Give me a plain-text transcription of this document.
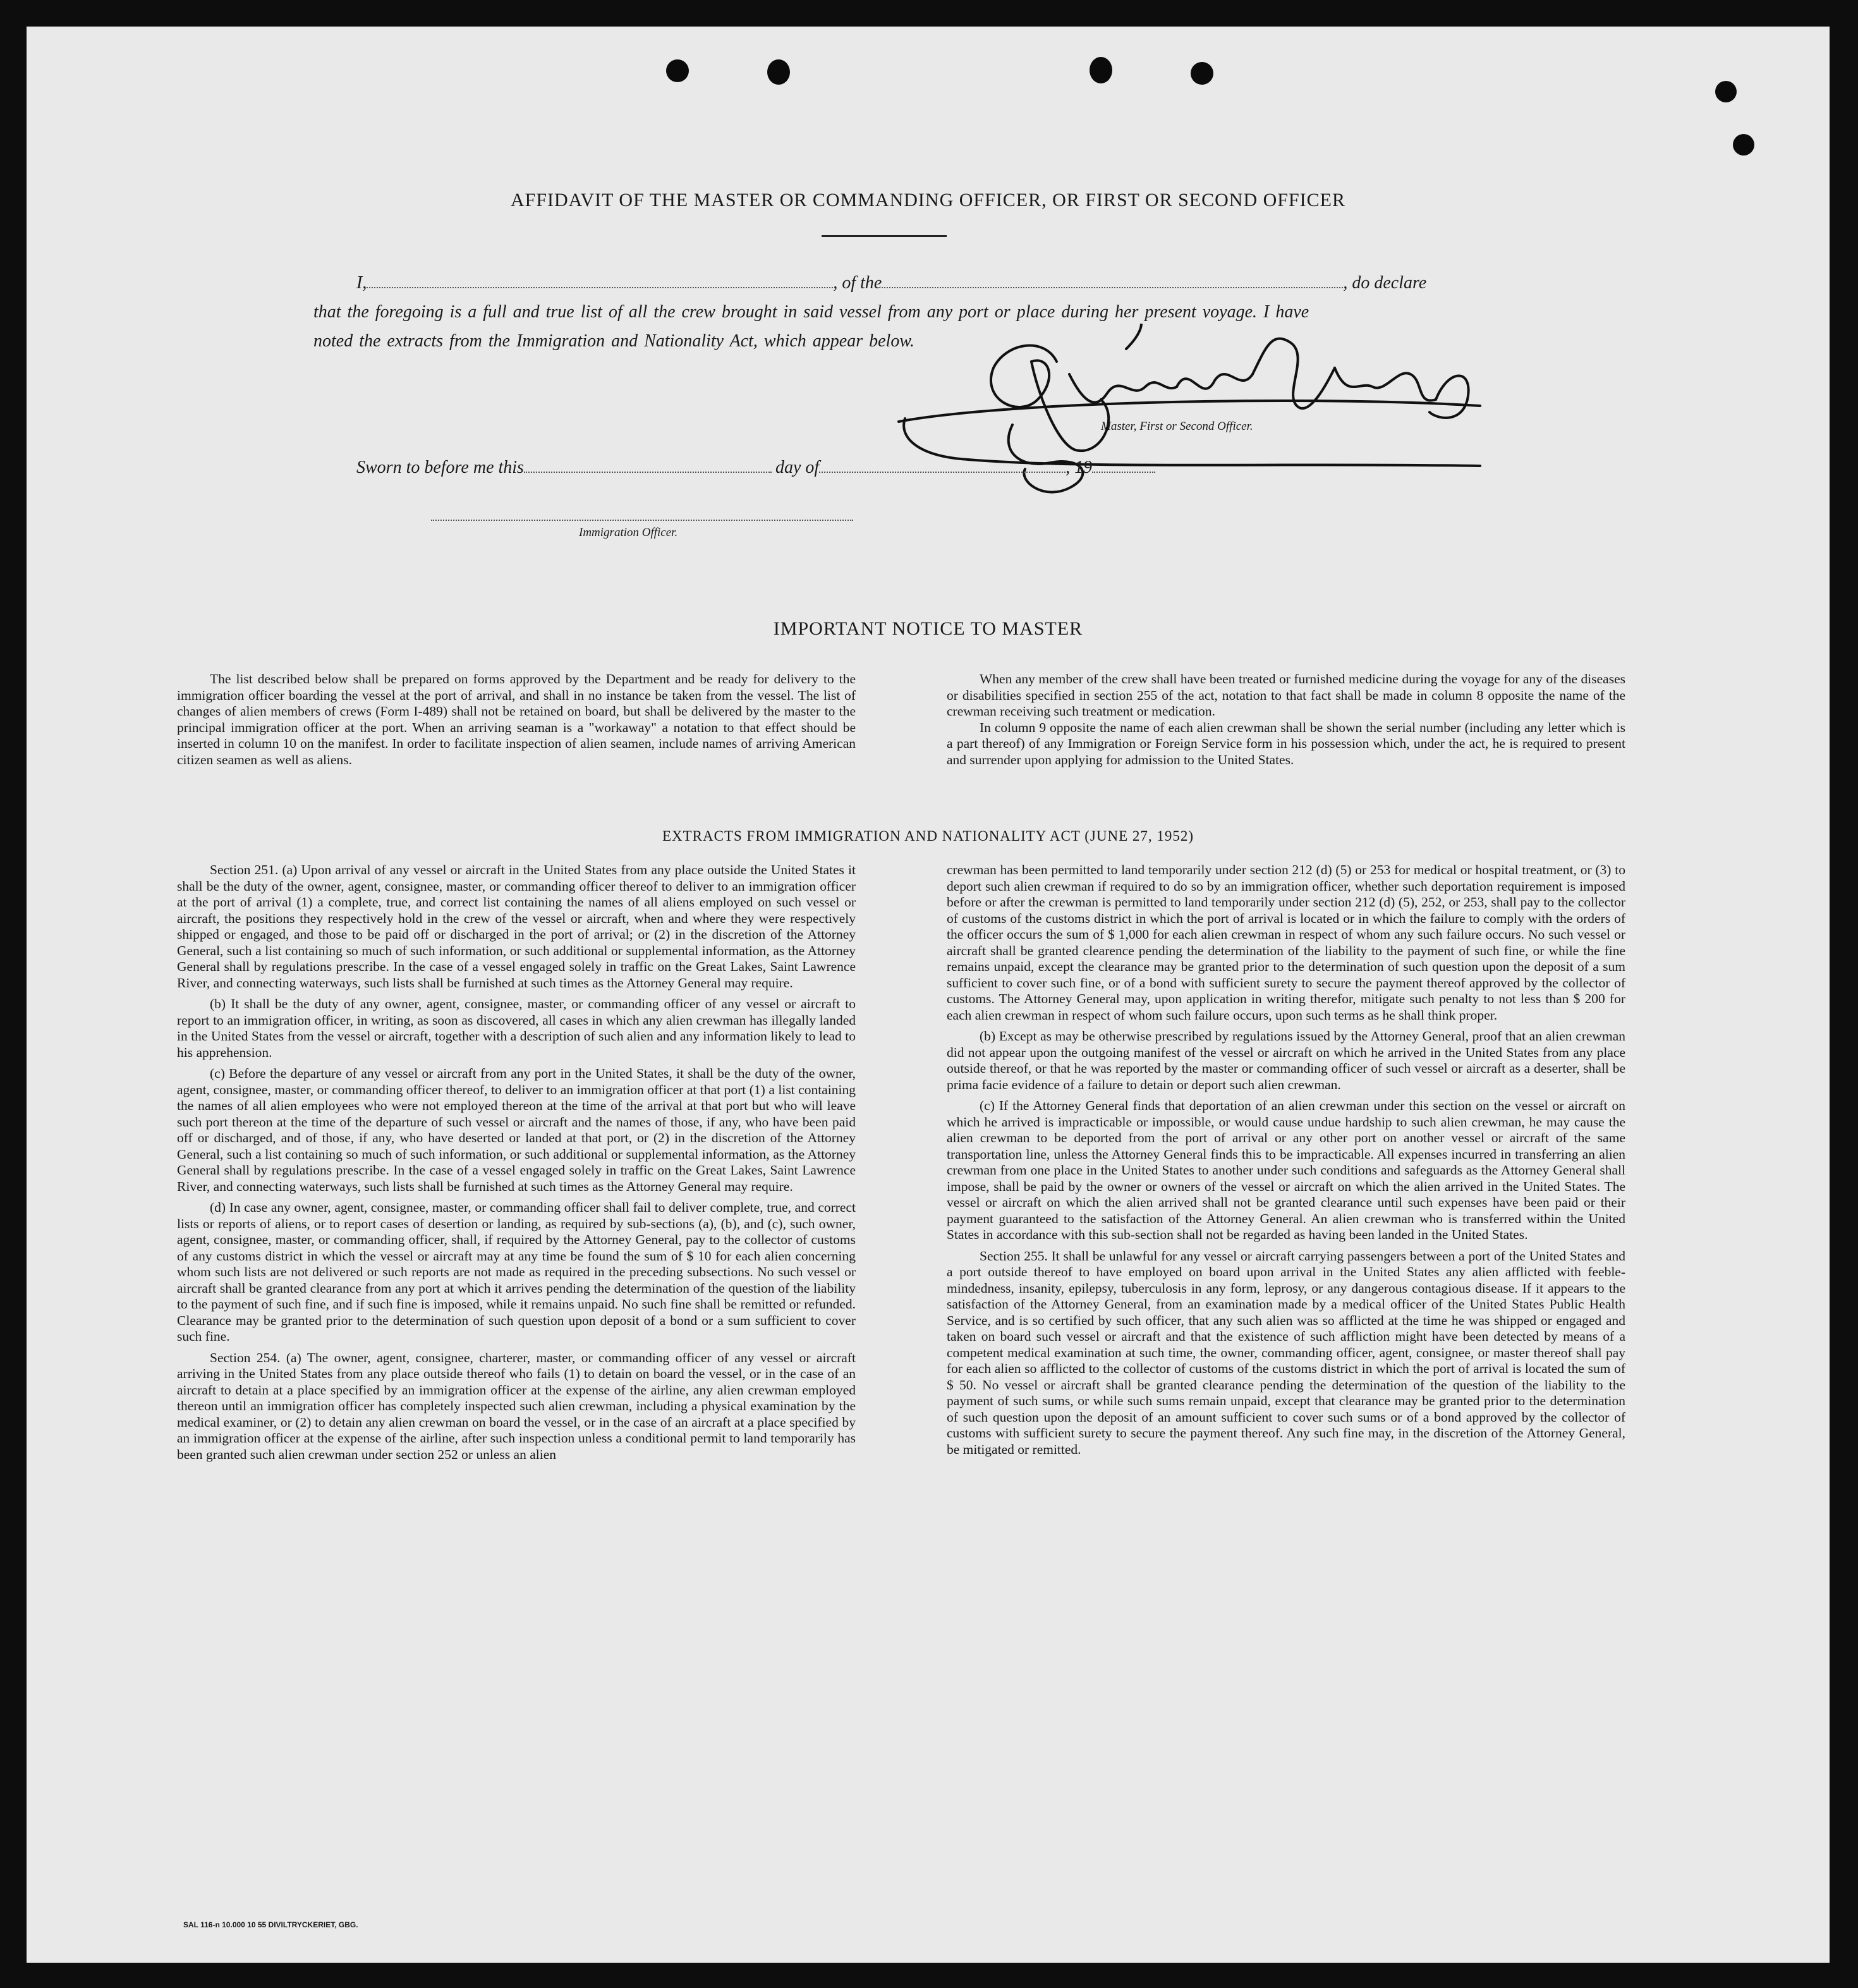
AFFIDAVIT OF THE MASTER OR COMMANDING OFFICER, OR FIRST OR SECOND OFFICER
I,	, of the	, do declare
that the foregoing is a full and true list of all the crew brought in said vessel from any port or place during her present voyage. I have
noted the extracts from the Immigration and Nationality Act, which appear below.
Master, First or Second Officer.
Sworn to before me this	day of	, 19
Immigration Officer.
IMPORTANT NOTICE TO MASTER

The list described below shall be prepared on forms approved by the Department and be ready for delivery to the immigration officer boarding the vessel at the port of arrival, and shall in no instance be taken from the vessel. The list of changes of alien members of crews (Form I-489) shall not be retained on board, but shall be delivered by the master to the principal immigration officer at the port. When an arriving seaman is a "workaway" a notation to that effect should be inserted in column 10 on the manifest. In order to facilitate inspection of alien seamen, include names of arriving American citizen seamen as well as aliens.

When any member of the crew shall have been treated or furnished medicine during the voyage for any of the diseases or disabilities specified in section 255 of the act, notation to that fact shall be made in column 8 opposite the name of the crewman receiving such treatment or medication.

In column 9 opposite the name of each alien crewman shall be shown the serial number (including any letter which is a part thereof) of any Immigration or Foreign Service form in his possession which, under the act, he is required to present and surrender upon applying for admission to the United States.

EXTRACTS FROM IMMIGRATION AND NATIONALITY ACT (JUNE 27, 1952)

Section 251. (a) Upon arrival of any vessel or aircraft in the United States from any place outside the United States it shall be the duty of the owner, agent, consignee, master, or commanding officer thereof to deliver to an immigration officer at the port of arrival (1) a complete, true, and correct list containing the names of all aliens employed on such vessel or aircraft, the positions they respectively hold in the crew of the vessel or aircraft, when and where they were respectively shipped or engaged, and those to be paid off or discharged in the port of arrival; or (2) in the discretion of the Attorney General, such a list containing so much of such information, or such additional or supplemental information, as the Attorney General shall by regulations prescribe. In the case of a vessel engaged solely in traffic on the Great Lakes, Saint Lawrence River, and connecting waterways, such lists shall be furnished at such times as the Attorney General may require.

(b) It shall be the duty of any owner, agent, consignee, master, or commanding officer of any vessel or aircraft to report to an immigration officer, in writing, as soon as discovered, all cases in which any alien crewman has illegally landed in the United States from the vessel or aircraft, together with a description of such alien and any information likely to lead to his apprehension.

(c) Before the departure of any vessel or aircraft from any port in the United States, it shall be the duty of the owner, agent, consignee, master, or commanding officer thereof, to deliver to an immigration officer at that port (1) a list containing the names of all alien employees who were not employed thereon at the time of the arrival at that port but who will leave such port thereon at the time of the departure of such vessel or aircraft and the names of those, if any, who have been paid off or discharged, and of those, if any, who have deserted or landed at that port, or (2) in the discretion of the Attorney General, such a list containing so much of such information, or such additional or supplemental information, as the Attorney General shall by regulations prescribe. In the case of a vessel engaged solely in traffic on the Great Lakes, Saint Lawrence River, and connecting waterways, such lists shall be furnished at such times as the Attorney General may require.

(d) In case any owner, agent, consignee, master, or commanding officer shall fail to deliver complete, true, and correct lists or reports of aliens, or to report cases of desertion or landing, as required by sub-sections (a), (b), and (c), such owner, agent, consignee, master, or commanding officer, shall, if required by the Attorney General, pay to the collector of customs of any customs district in which the vessel or aircraft may at any time be found the sum of $ 10 for each alien concerning whom such lists are not delivered or such reports are not made as required in the preceding subsections. No such vessel or aircraft shall be granted clearance from any port at which it arrives pending the determination of the question of the liability to the payment of such fine, and if such fine is imposed, while it remains unpaid. No such fine shall be remitted or refunded. Clearance may be granted prior to the determination of such question upon deposit of a bond or a sum sufficient to cover such fine.

Section 254. (a) The owner, agent, consignee, charterer, master, or commanding officer of any vessel or aircraft arriving in the United States from any place outside thereof who fails (1) to detain on board the vessel, or in the case of an aircraft to detain at a place specified by an immigration officer at the expense of the airline, any alien crewman employed thereon until an immigration officer has completely inspected such alien crewman, including a physical examination by the medical examiner, or (2) to detain any alien crewman on board the vessel, or in the case of an aircraft at a place specified by an immigration officer at the expense of the airline, after such inspection unless a conditional permit to land temporarily has been granted such alien crewman under section 252 or unless an alien

crewman has been permitted to land temporarily under section 212 (d) (5) or 253 for medical or hospital treatment, or (3) to deport such alien crewman if required to do so by an immigration officer, whether such deportation requirement is imposed before or after the crewman is permitted to land temporarily under section 212 (d) (5), 252, or 253, shall pay to the collector of customs of the customs district in which the port of arrival is located or in which the failure to comply with the orders of the officer occurs the sum of $ 1,000 for each alien crewman in respect of whom any such failure occurs. No such vessel or aircraft shall be granted clearence pending the determination of the liability to the payment of such fine, or while the fine remains unpaid, except the clearance may be granted prior to the determination of such question upon the deposit of a sum sufficient to cover such fine, or of a bond with sufficient surety to secure the payment thereof approved by the collector of customs. The Attorney General may, upon application in writing therefor, mitigate such penalty to not less than $ 200 for each alien crewman in respect of whom such failure occurs, upon such terms as he shall think proper.

(b) Except as may be otherwise prescribed by regulations issued by the Attorney General, proof that an alien crewman did not appear upon the outgoing manifest of the vessel or aircraft on which he arrived in the United States from any place outside thereof, or that he was reported by the master or commanding officer of such vessel or aircraft as a deserter, shall be prima facie evidence of a failure to detain or deport such alien crewman.

(c) If the Attorney General finds that deportation of an alien crewman under this section on the vessel or aircraft on which he arrived is impracticable or impossible, or would cause undue hardship to such alien crewman, he may cause the alien crewman to be deported from the port of arrival or any other port on another vessel or aircraft of the same transportation line, unless the Attorney General finds this to be impracticable. All expenses incurred in transferring an alien crewman from one place in the United States to another under such conditions and safeguards as the Attorney General shall impose, shall be paid by the owner or owners of the vessel or aircraft on which the alien arrived in the United States. The vessel or aircraft on which the alien arrived shall not be granted clearance until such expenses have been paid or their payment guaranteed to the satisfaction of the Attorney General. An alien crewman who is transferred within the United States in accordance with this sub-section shall not be regarded as having been landed in the United States.

Section 255. It shall be unlawful for any vessel or aircraft carrying passengers between a port of the United States and a port outside thereof to have employed on board upon arrival in the United States any alien afflicted with feeble-mindedness, insanity, epilepsy, tuberculosis in any form, leprosy, or any dangerous contagious disease. If it appears to the satisfaction of the Attorney General, from an examination made by a medical officer of the United States Public Health Service, and is so certified by such officer, that any such alien was so afflicted at the time he was shipped or engaged and taken on board such vessel or aircraft and that the existence of such affliction might have been detected by means of a competent medical examination at such time, the owner, commanding officer, agent, consignee, or master thereof shall pay for each alien so afflicted to the collector of customs of the customs district in which the port of arrival is located the sum of $ 50. No vessel or aircraft shall be granted clearance pending the determination of the question of the liability to the payment of such sums, or while such sums remain unpaid, except that clearance may be granted prior to the determination of such question upon the deposit of an amount sufficient to cover such sums or of a bond approved by the collector of customs with sufficient surety to secure the payment thereof. Any such fine may, in the discretion of the Attorney General, be mitigated or remitted.

SAL 116-n 10.000 10 55 DIVILTRYCKERIET, GBG.
